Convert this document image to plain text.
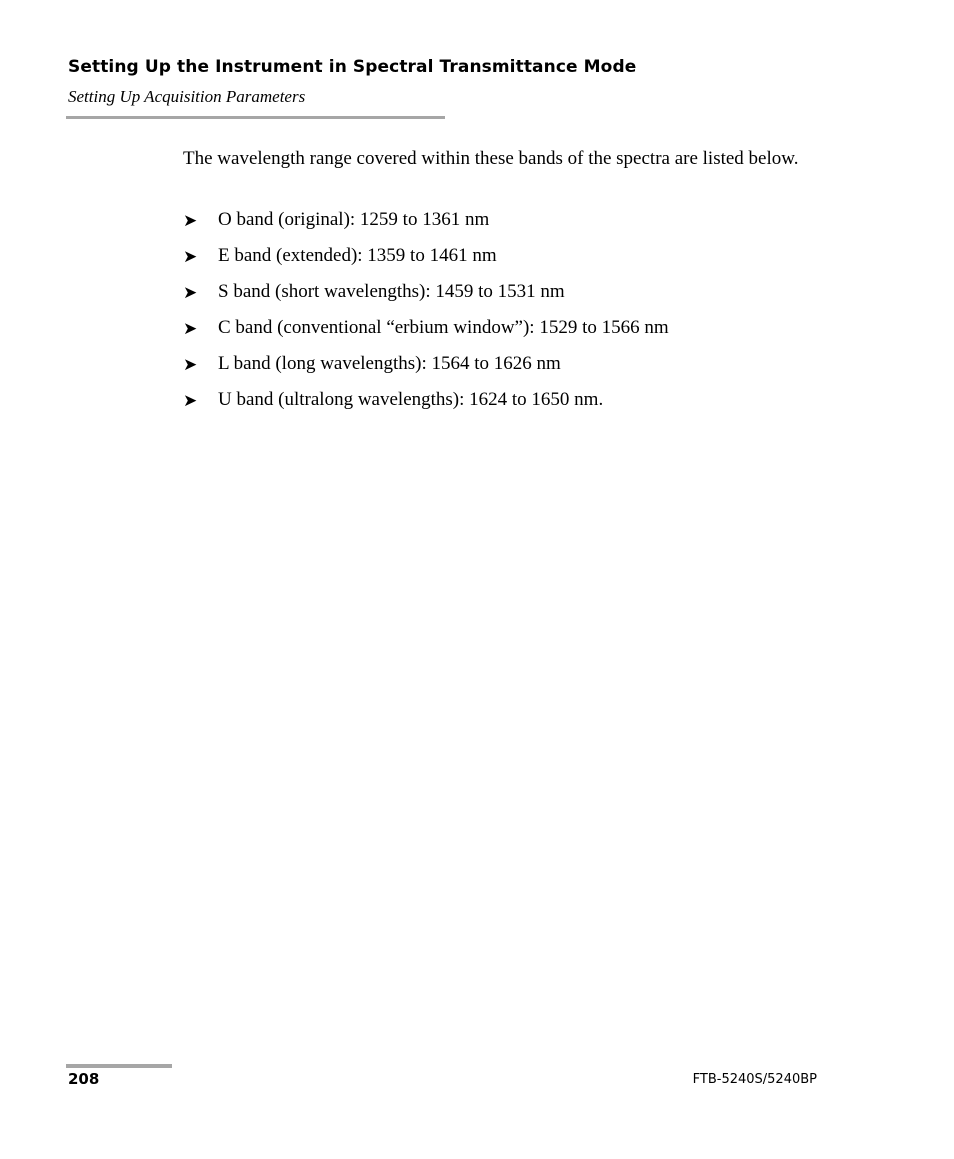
Setting Up the Instrument in Spectral Transmittance Mode
Setting Up Acquisition Parameters
The wavelength range covered within these bands of the spectra are listed below.
➤	O band (original): 1259 to 1361 nm
➤	E band (extended): 1359 to 1461 nm
➤	S band (short wavelengths): 1459 to 1531 nm
➤	C band (conventional “erbium window”): 1529 to 1566 nm
➤	L band (long wavelengths): 1564 to 1626 nm
➤	U band (ultralong wavelengths): 1624 to 1650 nm.
208	FTB-5240S/5240BP
